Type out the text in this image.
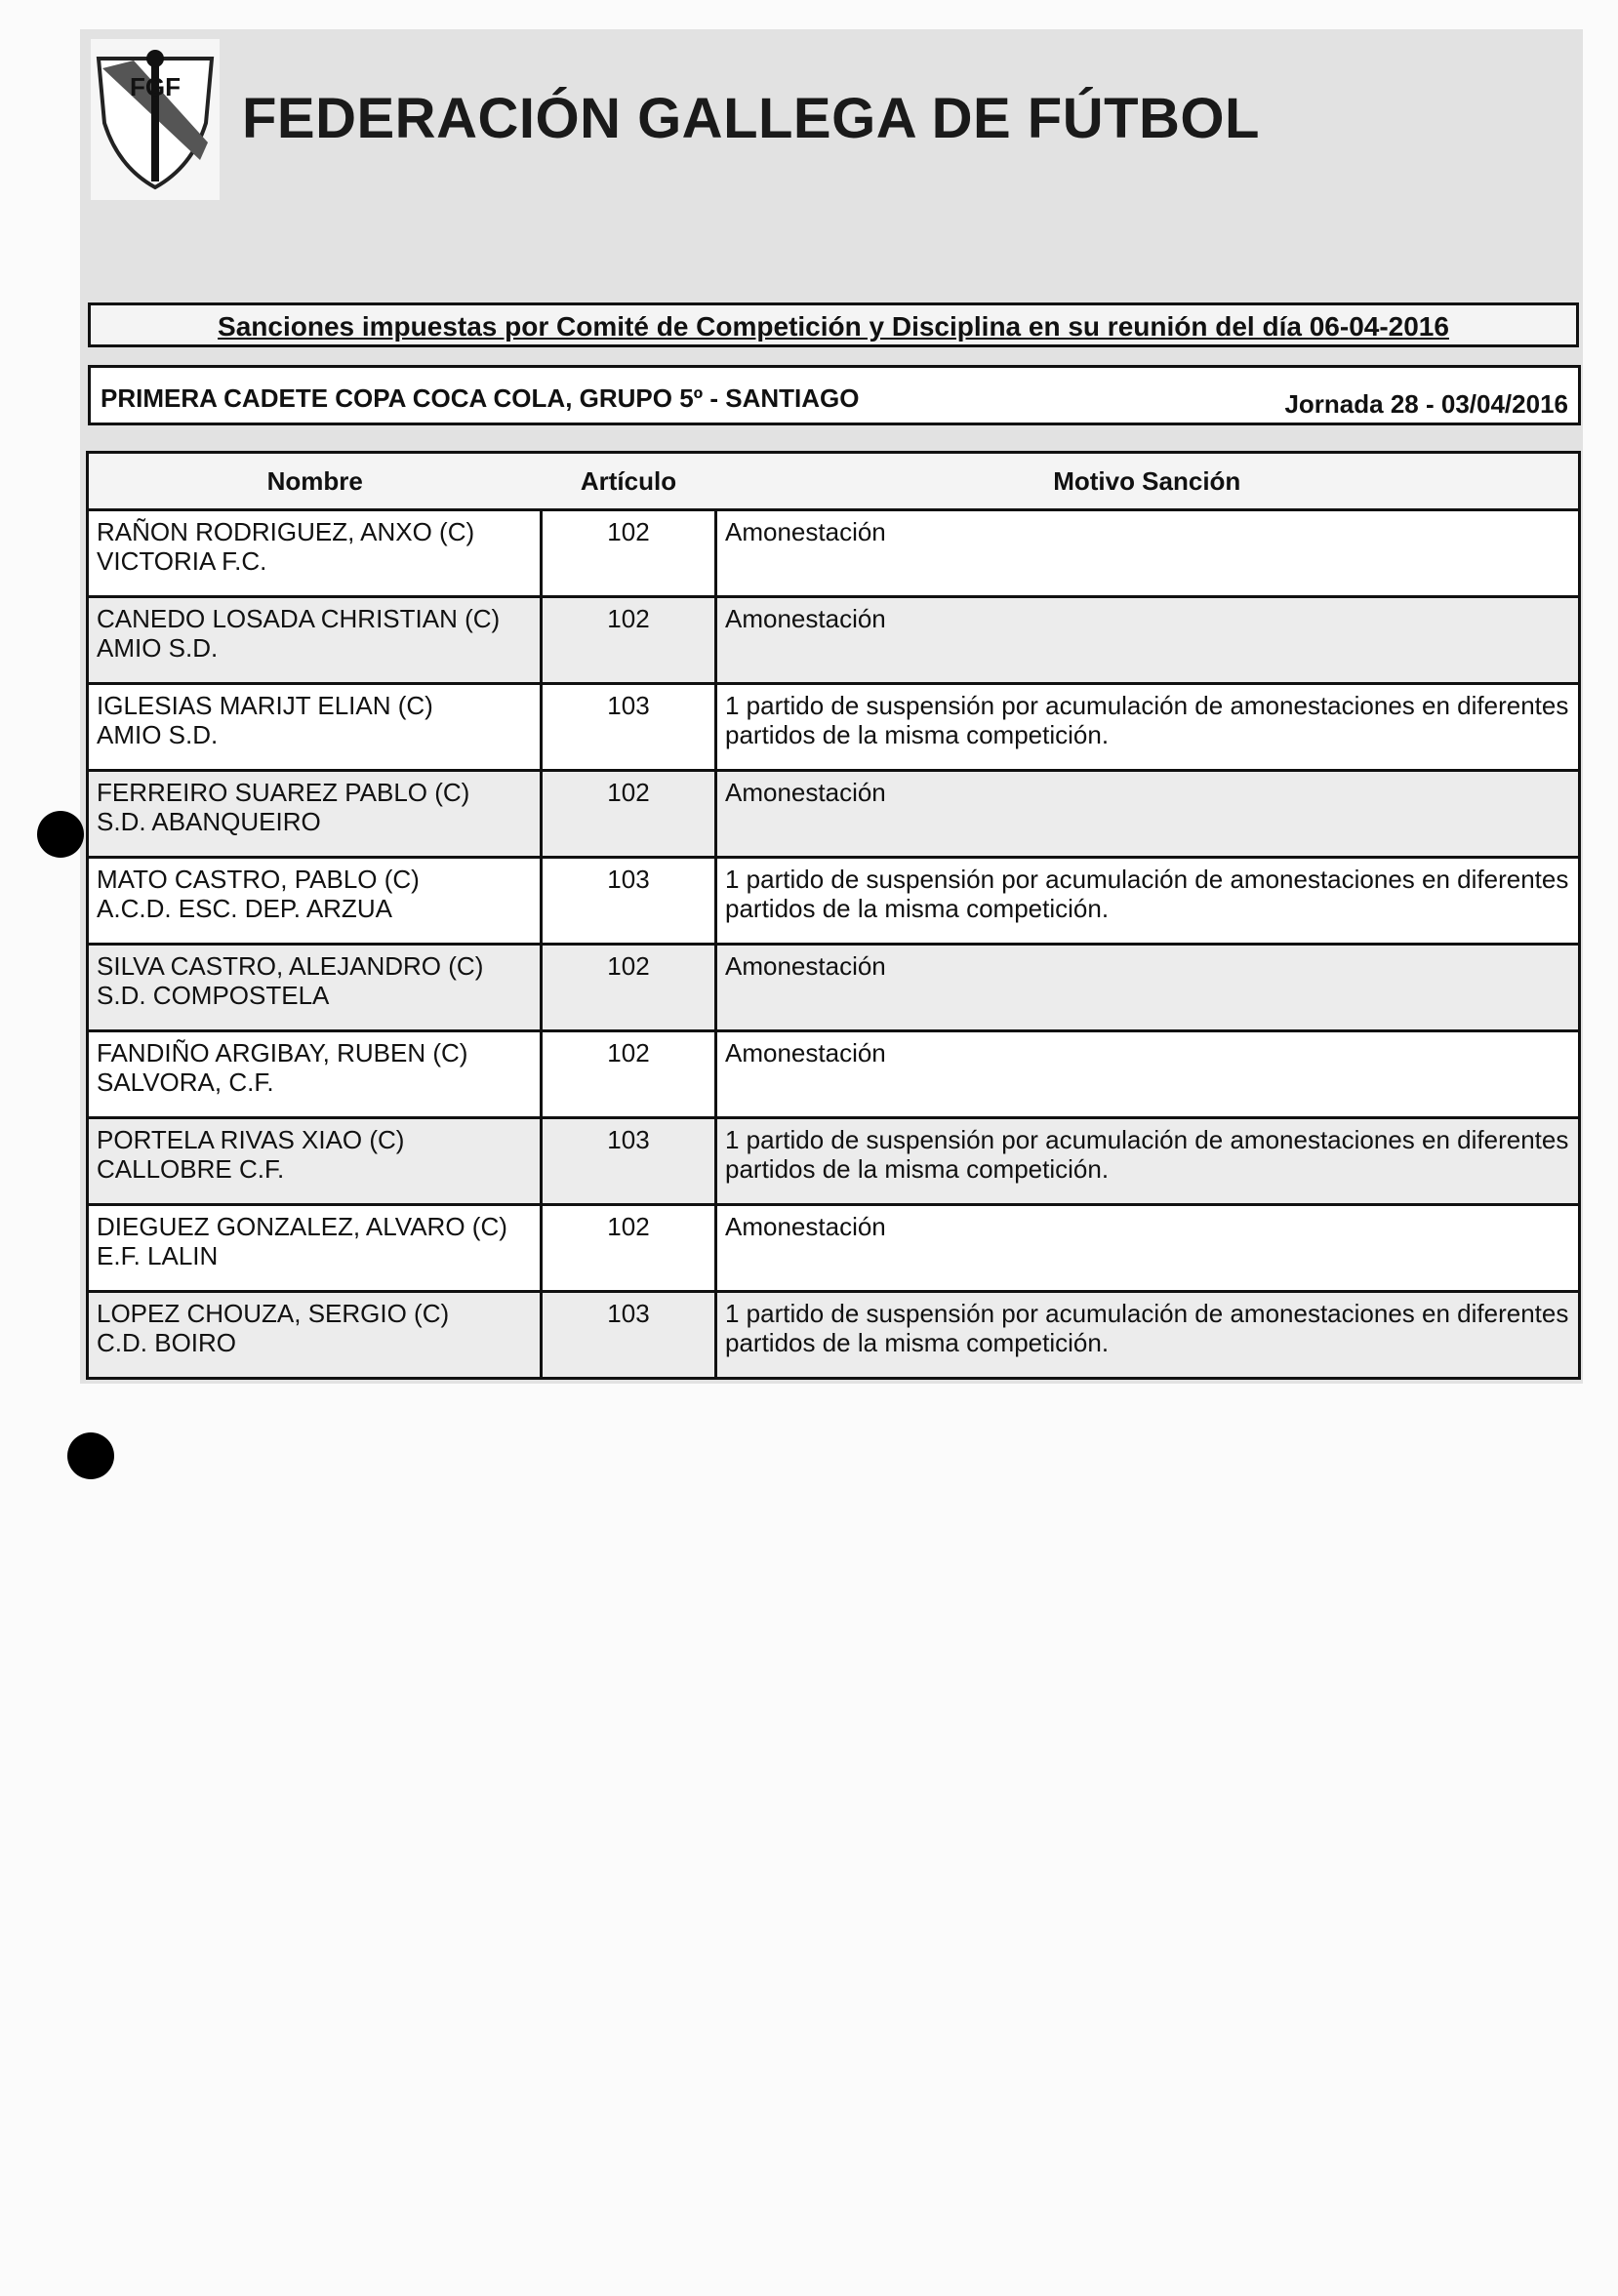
FGF FEDERACIÓN GALLEGA DE FÚTBOL
Sanciones impuestas por Comité de Competición y Disciplina en su reunión del día 06-04-2016
PRIMERA CADETE COPA COCA COLA, GRUPO 5º - SANTIAGO	Jornada 28 - 03/04/2016
Nombre	Artículo	Motivo Sanción

RAÑON RODRIGUEZ, ANXO (C)
VICTORIA F.C.	102	Amonestación

CANEDO LOSADA CHRISTIAN (C)
AMIO S.D.	102	Amonestación

IGLESIAS MARIJT ELIAN (C)
AMIO S.D.	103	1 partido de suspensión por acumulación de amonestaciones en diferentes partidos de la misma competición.

FERREIRO SUAREZ PABLO (C)
S.D. ABANQUEIRO	102	Amonestación

MATO CASTRO, PABLO (C)
A.C.D. ESC. DEP. ARZUA	103	1 partido de suspensión por acumulación de amonestaciones en diferentes partidos de la misma competición.

SILVA CASTRO, ALEJANDRO (C)
S.D. COMPOSTELA	102	Amonestación

FANDIÑO ARGIBAY, RUBEN (C)
SALVORA, C.F.	102	Amonestación

PORTELA RIVAS XIAO (C)
CALLOBRE C.F.	103	1 partido de suspensión por acumulación de amonestaciones en diferentes partidos de la misma competición.

DIEGUEZ GONZALEZ, ALVARO (C)
E.F. LALIN	102	Amonestación

LOPEZ CHOUZA, SERGIO (C)
C.D. BOIRO	103	1 partido de suspensión por acumulación de amonestaciones en diferentes partidos de la misma competición.
